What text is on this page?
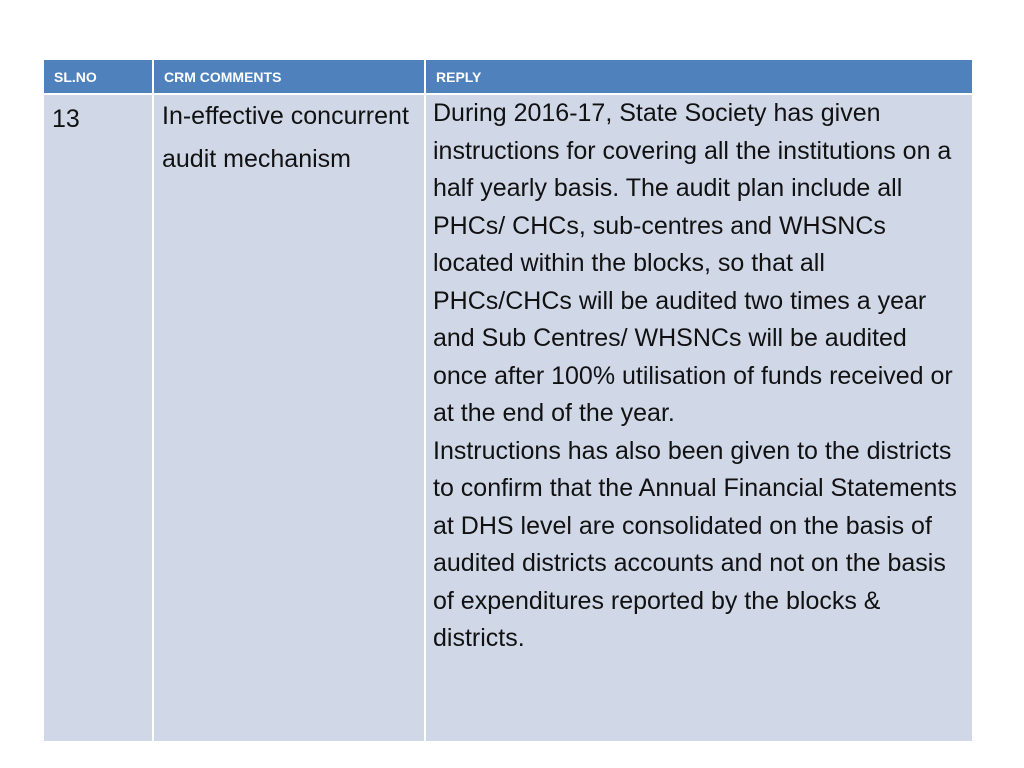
SL.NO	CRM COMMENTS	REPLY
13	In-effective concurrent audit mechanism	During 2016-17, State Society has given instructions for covering all the institutions on a half yearly basis. The audit plan include all PHCs/ CHCs, sub-centres and WHSNCs located within the blocks, so that all PHCs/CHCs will be audited two times a year and Sub Centres/ WHSNCs will be audited once after 100% utilisation of funds received or at the end of the year.
Instructions has also been given to the districts to confirm that the Annual Financial Statements at DHS level are consolidated on the basis of audited districts accounts and not on the basis of expenditures reported by the blocks & districts.
